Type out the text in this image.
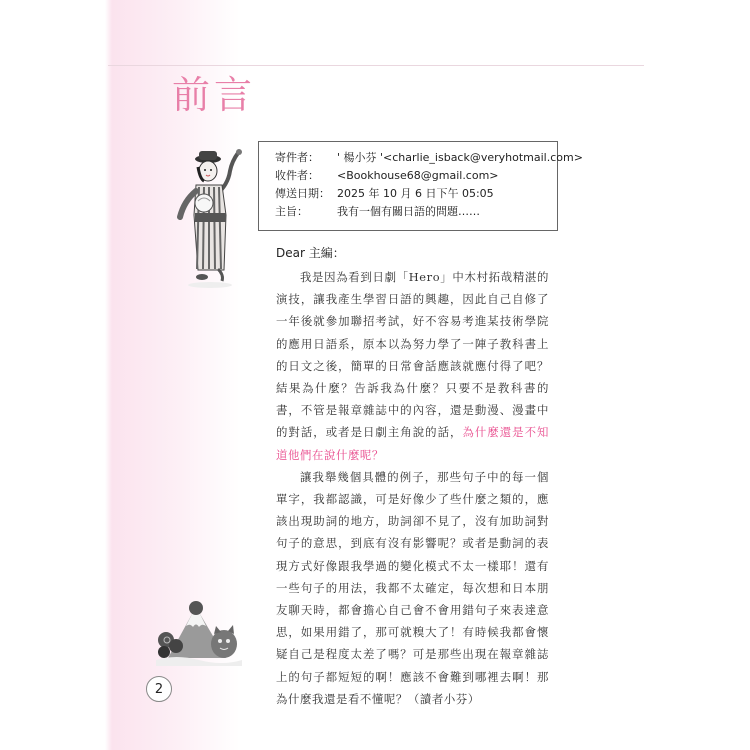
前言
寄件者： ' 楊小芬 '<charlie_isback@veryhotmail.com>
收件者： <Bookhouse68@gmail.com>
傳送日期： 2025 年 10 月 6 日下午 05:05
主旨：	我有一個有關日語的問題……
Dear 主編：

我是因為看到日劇「Hero」中木村拓哉精湛的演技，讓我產生學習日語的興趣，因此自己自修了一年後就參加聯招考試，好不容易考進某技術學院的應用日語系，原本以為努力學了一陣子教科書上的日文之後，簡單的日常會話應該就應付得了吧？結果為什麼？告訴我為什麼？只要不是教科書的書，不管是報章雜誌中的內容，還是動漫、漫畫中的對話，或者是日劇主角說的話，為什麼還是不知道他們在說什麼呢？

讓我舉幾個具體的例子，那些句子中的每一個單字，我都認識，可是好像少了些什麼之類的，應該出現助詞的地方，助詞卻不見了，沒有加助詞對句子的意思，到底有沒有影響呢？或者是動詞的表現方式好像跟我學過的變化模式不太一樣耶！還有一些句子的用法，我都不太確定，每次想和日本朋友聊天時，都會擔心自己會不會用錯句子來表達意思，如果用錯了，那可就糗大了！有時候我都會懷疑自己是程度太差了嗎？可是那些出現在報章雜誌上的句子都短短的啊！應該不會難到哪裡去啊！那為什麼我還是看不懂呢？（讀者小芬）

2
